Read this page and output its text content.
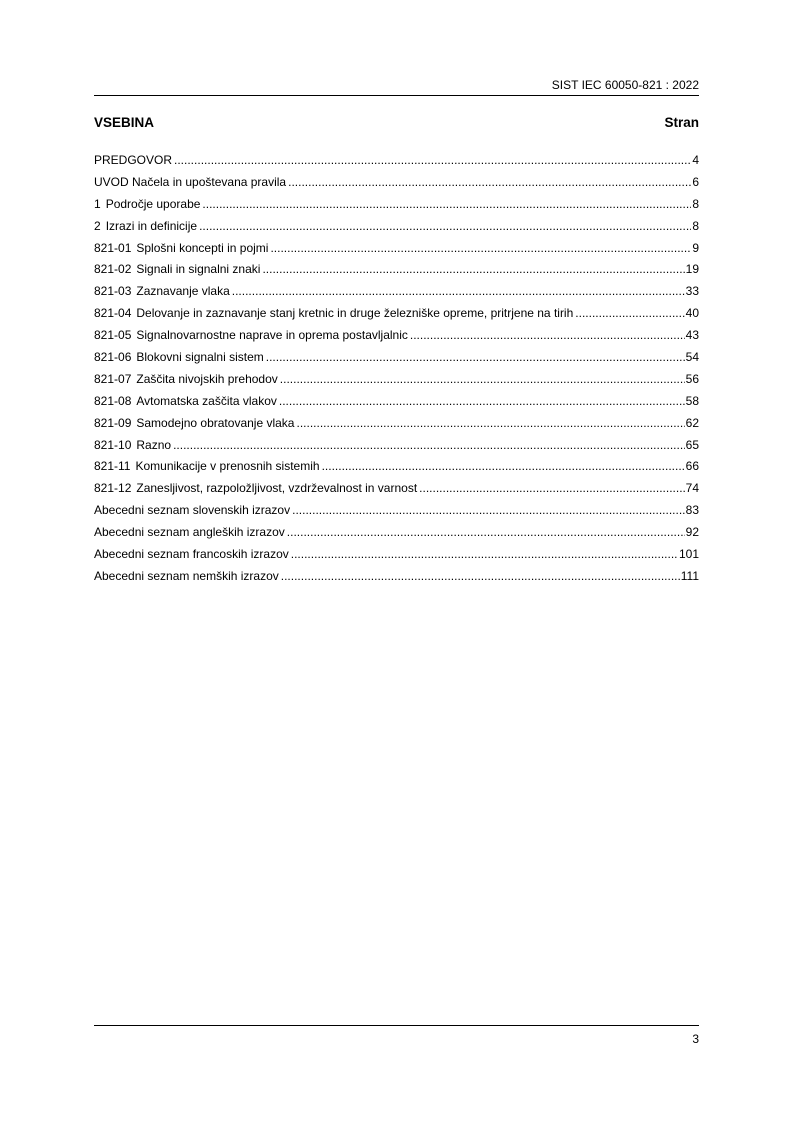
SIST IEC 60050-821 : 2022
VSEBINA	Stran
PREDGOVOR .....	4
UVOD Načela in upoštevana pravila .....	6
1 Področje uporabe .....	8
2 Izrazi in definicije .....	8
821-01 Splošni koncepti in pojmi .....	9
821-02 Signali in signalni znaki .....	19
821-03 Zaznavanje vlaka .....	33
821-04 Delovanje in zaznavanje stanj kretnic in druge železniške opreme, pritrjene na tirih .....	40
821-05 Signalnovarnostne naprave in oprema postavljalnic .....	43
821-06 Blokovni signalni sistem .....	54
821-07 Zaščita nivojskih prehodov .....	56
821-08 Avtomatska zaščita vlakov .....	58
821-09 Samodejno obratovanje vlaka .....	62
821-10 Razno .....	65
821-11 Komunikacije v prenosnih sistemih .....	66
821-12 Zanesljivost, razpoložljivost, vzdrževalnost in varnost .....	74
Abecedni seznam slovenskih izrazov .....	83
Abecedni seznam angleških izrazov .....	92
Abecedni seznam francoskih izrazov .....	101
Abecedni seznam nemških izrazov .....	111
3
